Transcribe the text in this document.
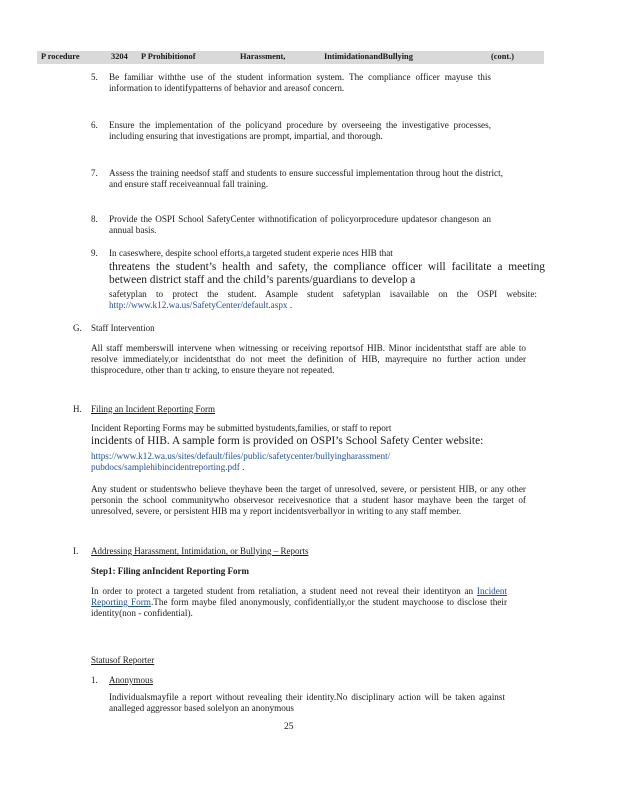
P rocedure	3204 P Prohibitionof	Harassment,	IntimidationandBullying	(cont.)
5. Be familiar withthe use of the student information system. The compliance officer mayuse this information to identifypatterns of behavior and areasof concern.

6. Ensure the implementation of the policyand procedure by overseeing the investigative processes, including ensuring that investigations are prompt, impartial, and thorough.

7. Assess the training needsof staff and students to ensure successful implementation throug hout the district, and ensure staff receiveannual fall training.

8. Provide the OSPI School SafetyCenter withnotification of policyorprocedure updatesor changeson an annual basis.

9. In caseswhere, despite school efforts,a targeted student experie nces HIB that

threatens the student’s health and safety, the compliance officer will facilitate a meeting between district staff and the child’s parents/guardians to develop a

safetyplan to protect the student. Asample student safetyplan isavailable on the OSPI website: http://www.k12.wa.us/SafetyCenter/default.aspx .

G. Staff Intervention

All staff memberswill intervene when witnessing or receiving reportsof HIB. Minor incidentsthat staff are able to resolve immediately,or incidentsthat do not meet the definition of HIB, mayrequire no further action under thisprocedure, other than tr acking, to ensure theyare not repeated.

H. Filing an Incident Reporting Form

Incident Reporting Forms may be submitted bystudents,families, or staff to report

incidents of HIB. A sample form is provided on OSPI’s School Safety Center website:

https://www.k12.wa.us/sites/default/files/public/safetycenter/bullyingharassment/ pubdocs/samplehibincidentreporting.pdf .

Any student or studentswho believe theyhave been the target of unresolved, severe, or persistent HIB, or any other personin the school communitywho observesor receivesnotice that a student hasor mayhave been the target of unresolved, severe, or persistent HIB ma y report incidentsverballyor in writing to any staff member.

I. Addressing Harassment, Intimidation, or Bullying – Reports
Step1: Filing anIncident Reporting Form

In order to protect a targeted student from retaliation, a student need not reveal their identityon an Incident Reporting Form.The form maybe filed anonymously, confidentially,or the student maychoose to disclose their identity(non - confidential).

Statusof Reporter
1. Anonymous

Individualsmayfile a report without revealing their identity.No disciplinary action will be taken against analleged aggressor based solelyon an anonymous

25
